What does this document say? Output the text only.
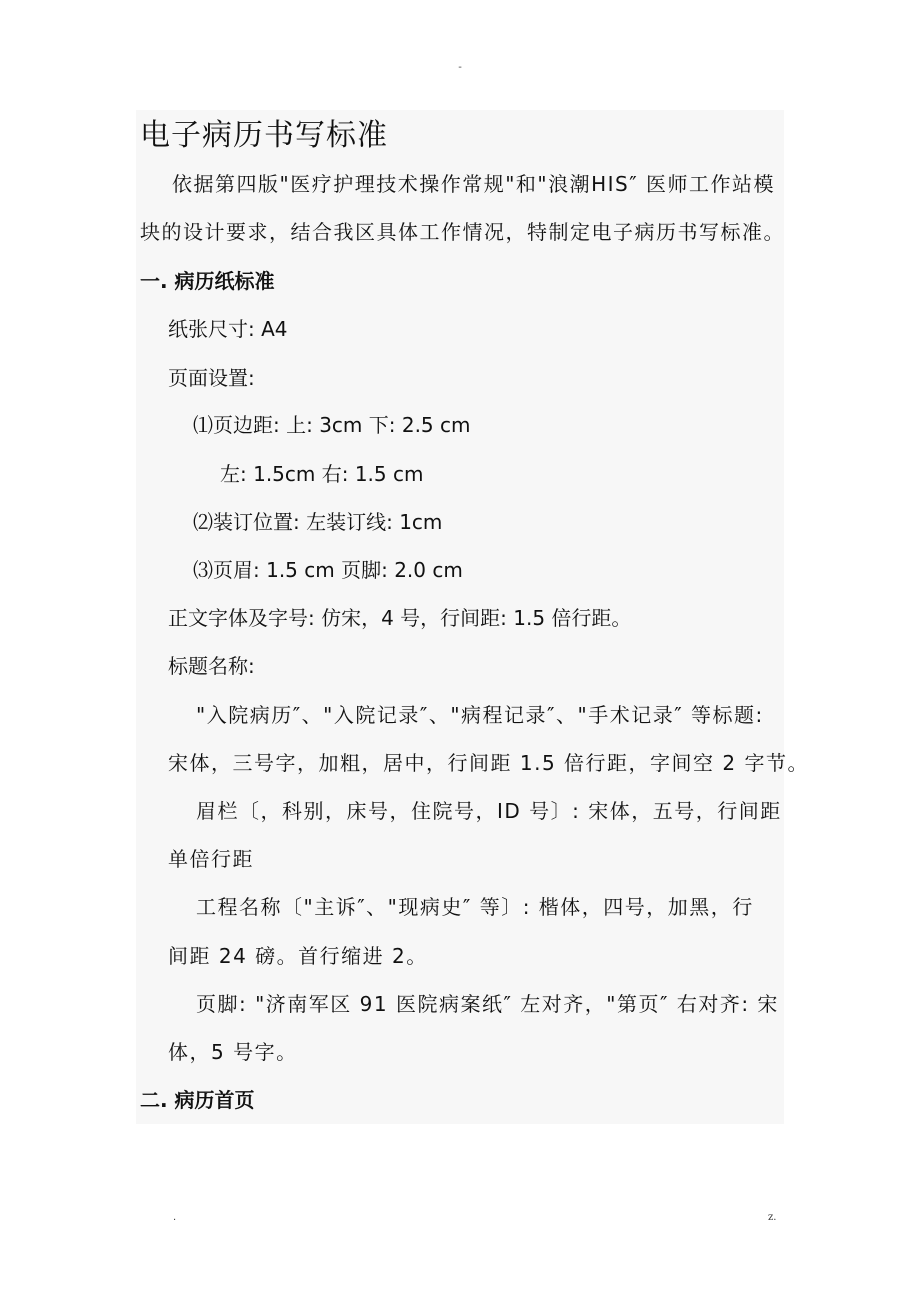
-
电子病历书写标准
依据第四版"医疗护理技术操作常规"和"浪潮HIS″ 医师工作站模
块的设计要求，结合我区具体工作情况，特制定电子病历书写标准。
一. 病历纸标准
纸张尺寸: A4
页面设置:
⑴页边距: 上: 3cm 下: 2.5 cm
左: 1.5cm 右: 1.5 cm
⑵装订位置: 左装订线: 1cm
⑶页眉: 1.5 cm 页脚: 2.0 cm
正文字体及字号: 仿宋，4 号，行间距: 1.5 倍行距。
标题名称:
"入院病历″、"入院记录″、"病程记录″、"手术记录″ 等标题:
宋体，三号字，加粗，居中，行间距 1.5 倍行距，字间空 2 字节。
眉栏〔，科别，床号，住院号，ID 号〕: 宋体，五号，行间距
单倍行距
工程名称〔"主诉″、"现病史″ 等〕: 楷体，四号，加黑，行
间距 24 磅。首行缩进 2。
页脚: "济南军区 91 医院病案纸″ 左对齐，"第页″ 右对齐: 宋
体，5 号字。
二. 病历首页
.	z.
